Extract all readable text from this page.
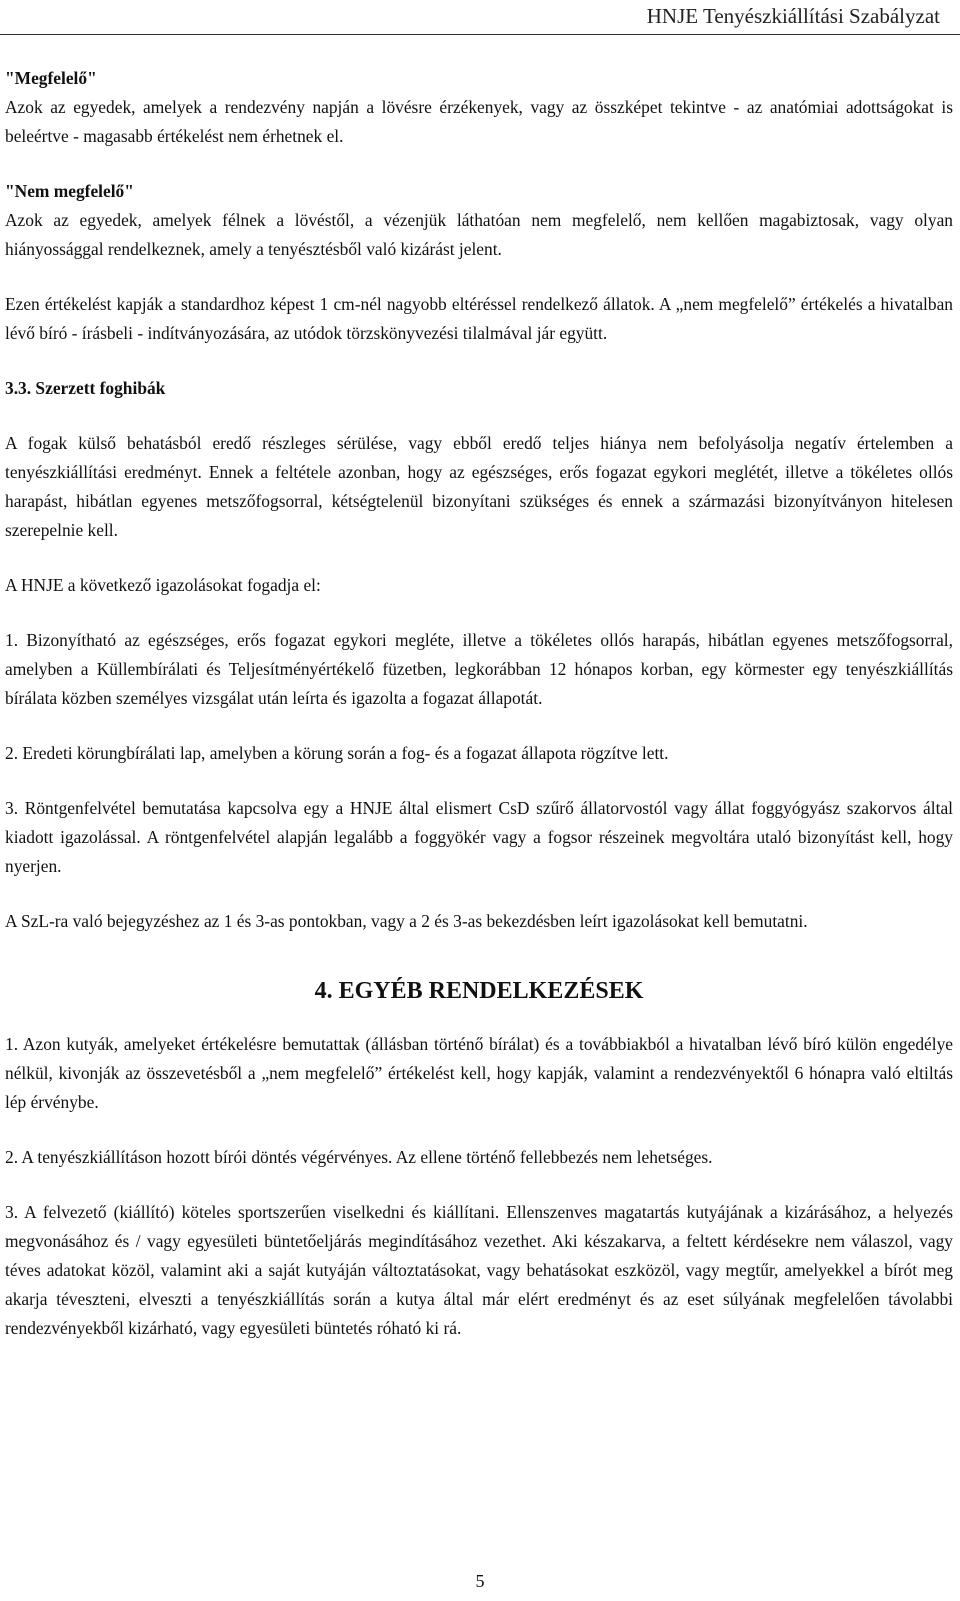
HNJE Tenyészkiállítási Szabályzat

"Megfelelő"

Azok az egyedek, amelyek a rendezvény napján a lövésre érzékenyek, vagy az összképet tekintve - az anatómiai adottságokat is beleértve - magasabb értékelést nem érhetnek el.

"Nem megfelelő"

Azok az egyedek, amelyek félnek a lövéstől, a vézenjük láthatóan nem megfelelő, nem kellően magabiztosak, vagy olyan hiányossággal rendelkeznek, amely a tenyésztésből való kizárást jelent.

Ezen értékelést kapják a standardhoz képest 1 cm-nél nagyobb eltéréssel rendelkező állatok. A „nem megfelelő” értékelés a hivatalban lévő bíró - írásbeli - indítványozására, az utódok törzskönyvezési tilalmával jár együtt.

3.3. Szerzett foghibák

A fogak külső behatásból eredő részleges sérülése, vagy ebből eredő teljes hiánya nem befolyásolja negatív értelemben a tenyészkiállítási eredményt. Ennek a feltétele azonban, hogy az egészséges, erős fogazat egykori meglétét, illetve a tökéletes ollós harapást, hibátlan egyenes metszőfogsorral, kétségtelenül bizonyítani szükséges és ennek a származási bizonyítványon hitelesen szerepelnie kell.

A HNJE a következő igazolásokat fogadja el:

1. Bizonyítható az egészséges, erős fogazat egykori megléte, illetve a tökéletes ollós harapás, hibátlan egyenes metszőfogsorral, amelyben a Küllembírálati és Teljesítményértékelő füzetben, legkorábban 12 hónapos korban, egy körmester egy tenyészkiállítás bírálata közben személyes vizsgálat után leírta és igazolta a fogazat állapotát.

2. Eredeti körungbírálati lap, amelyben a körung során a fog- és a fogazat állapota rögzítve lett.

3. Röntgenfelvétel bemutatása kapcsolva egy a HNJE által elismert CsD szűrő állatorvostól vagy állat foggyógyász szakorvos által kiadott igazolással. A röntgenfelvétel alapján legalább a foggyökér vagy a fogsor részeinek megvoltára utaló bizonyítást kell, hogy nyerjen.

A SzL-ra való bejegyzéshez az 1 és 3-as pontokban, vagy a 2 és 3-as bekezdésben leírt igazolásokat kell bemutatni.

4. EGYÉB RENDELKEZÉSEK

1. Azon kutyák, amelyeket értékelésre bemutattak (állásban történő bírálat) és a továbbiakból a hivatalban lévő bíró külön engedélye nélkül, kivonják az összevetésből a „nem megfelelő” értékelést kell, hogy kapják, valamint a rendezvényektől 6 hónapra való eltiltás lép érvénybe.

2. A tenyészkiállításon hozott bírói döntés végérvényes. Az ellene történő fellebbezés nem lehetséges.

3. A felvezető (kiállító) köteles sportszerűen viselkedni és kiállítani. Ellenszenves magatartás kutyájának a kizárásához, a helyezés megvonásához és / vagy egyesületi büntetőeljárás megindításához vezethet. Aki készakarva, a feltett kérdésekre nem válaszol, vagy téves adatokat közöl, valamint aki a saját kutyáján változtatásokat, vagy behatásokat eszközöl, vagy megtűr, amelyekkel a bírót meg akarja téveszteni, elveszti a tenyészkiállítás során a kutya által már elért eredményt és az eset súlyának megfelelően távolabbi rendezvényekből kizárható, vagy egyesületi büntetés róható ki rá.

5
